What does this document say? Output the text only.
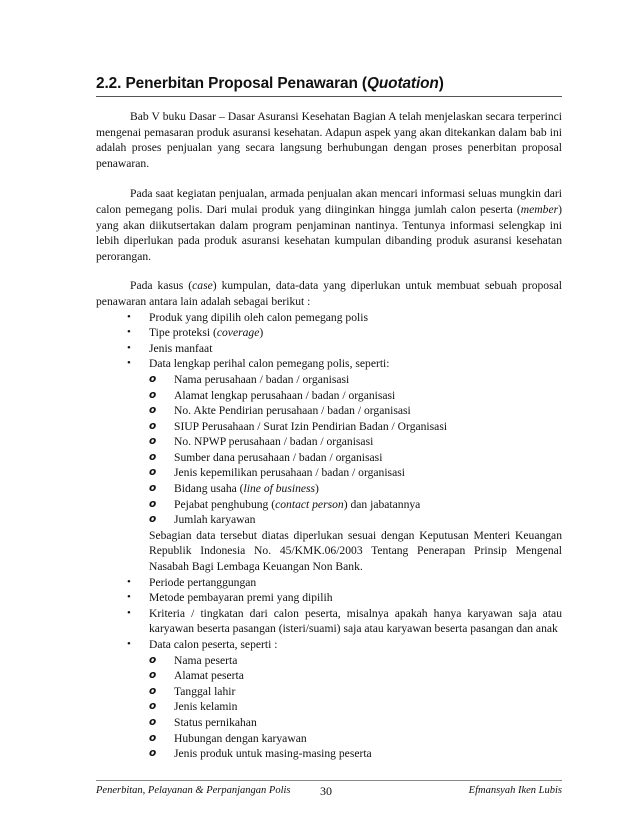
2.2. Penerbitan Proposal Penawaran (Quotation)

Bab V buku Dasar – Dasar Asuransi Kesehatan Bagian A telah menjelaskan secara terperinci mengenai pemasaran produk asuransi kesehatan. Adapun aspek yang akan ditekankan dalam bab ini adalah proses penjualan yang secara langsung berhubungan dengan proses penerbitan proposal penawaran.

Pada saat kegiatan penjualan, armada penjualan akan mencari informasi seluas mungkin dari calon pemegang polis. Dari mulai produk yang diinginkan hingga jumlah calon peserta (member) yang akan diikutsertakan dalam program penjaminan nantinya. Tentunya informasi selengkap ini lebih diperlukan pada produk asuransi kesehatan kumpulan dibanding produk asuransi kesehatan perorangan.

Pada kasus (case) kumpulan, data-data yang diperlukan untuk membuat sebuah proposal penawaran antara lain adalah sebagai berikut :

• Produk yang dipilih oleh calon pemegang polis
• Tipe proteksi (coverage)
• Jenis manfaat
• Data lengkap perihal calon pemegang polis, seperti:
o Nama perusahaan / badan / organisasi
o Alamat lengkap perusahaan / badan / organisasi
o No. Akte Pendirian perusahaan / badan / organisasi
o SIUP Perusahaan / Surat Izin Pendirian Badan / Organisasi
o No. NPWP perusahaan / badan / organisasi
o Sumber dana perusahaan / badan / organisasi
o Jenis kepemilikan perusahaan / badan / organisasi
o Bidang usaha (line of business)
o Pejabat penghubung (contact person) dan jabatannya
o Jumlah karyawan

Sebagian data tersebut diatas diperlukan sesuai dengan Keputusan Menteri Keuangan Republik Indonesia No. 45/KMK.06/2003 Tentang Penerapan Prinsip Mengenal Nasabah Bagi Lembaga Keuangan Non Bank.

• Periode pertanggungan
• Metode pembayaran premi yang dipilih
• Kriteria / tingkatan dari calon peserta, misalnya apakah hanya karyawan saja atau karyawan beserta pasangan (isteri/suami) saja atau karyawan beserta pasangan dan anak
• Data calon peserta, seperti :
o Nama peserta
o Alamat peserta
o Tanggal lahir
o Jenis kelamin
o Status pernikahan
o Hubungan dengan karyawan
o Jenis produk untuk masing-masing peserta
Penerbitan, Pelayanan & Perpanjangan Polis 30	Efmansyah Iken Lubis
